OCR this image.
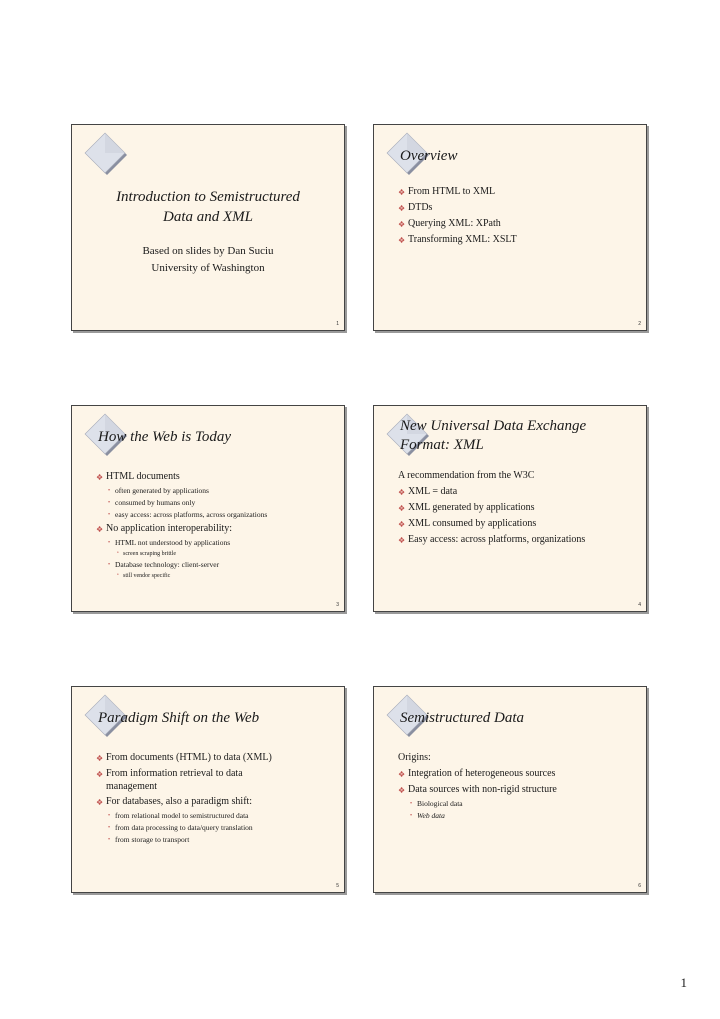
Introduction to Semistructured
Data and XML
Based on slides by Dan Suciu
University of Washington
1
Overview
❖ From HTML to XML
❖ DTDs
❖ Querying XML: XPath
❖ Transforming XML: XSLT
2
How the Web is Today
❖ HTML documents
• often generated by applications
• consumed by humans only
• easy access: across platforms, across organizations
❖ No application interoperability:
• HTML not understood by applications
• screen scraping brittle
• Database technology: client-server
• still vendor specific
3
New Universal Data Exchange
Format: XML
A recommendation from the W3C
❖ XML = data
❖ XML generated by applications
❖ XML consumed by applications
❖ Easy access: across platforms, organizations
4
Paradigm Shift on the Web
❖ From documents (HTML) to data (XML)
❖ From information retrieval to data
management
❖ For databases, also a paradigm shift:
• from relational model to semistructured data
• from data processing to data/query translation
• from storage to transport
5
Semistructured Data
Origins:
❖ Integration of heterogeneous sources
❖ Data sources with non-rigid structure
• Biological data
• Web data
6
1
